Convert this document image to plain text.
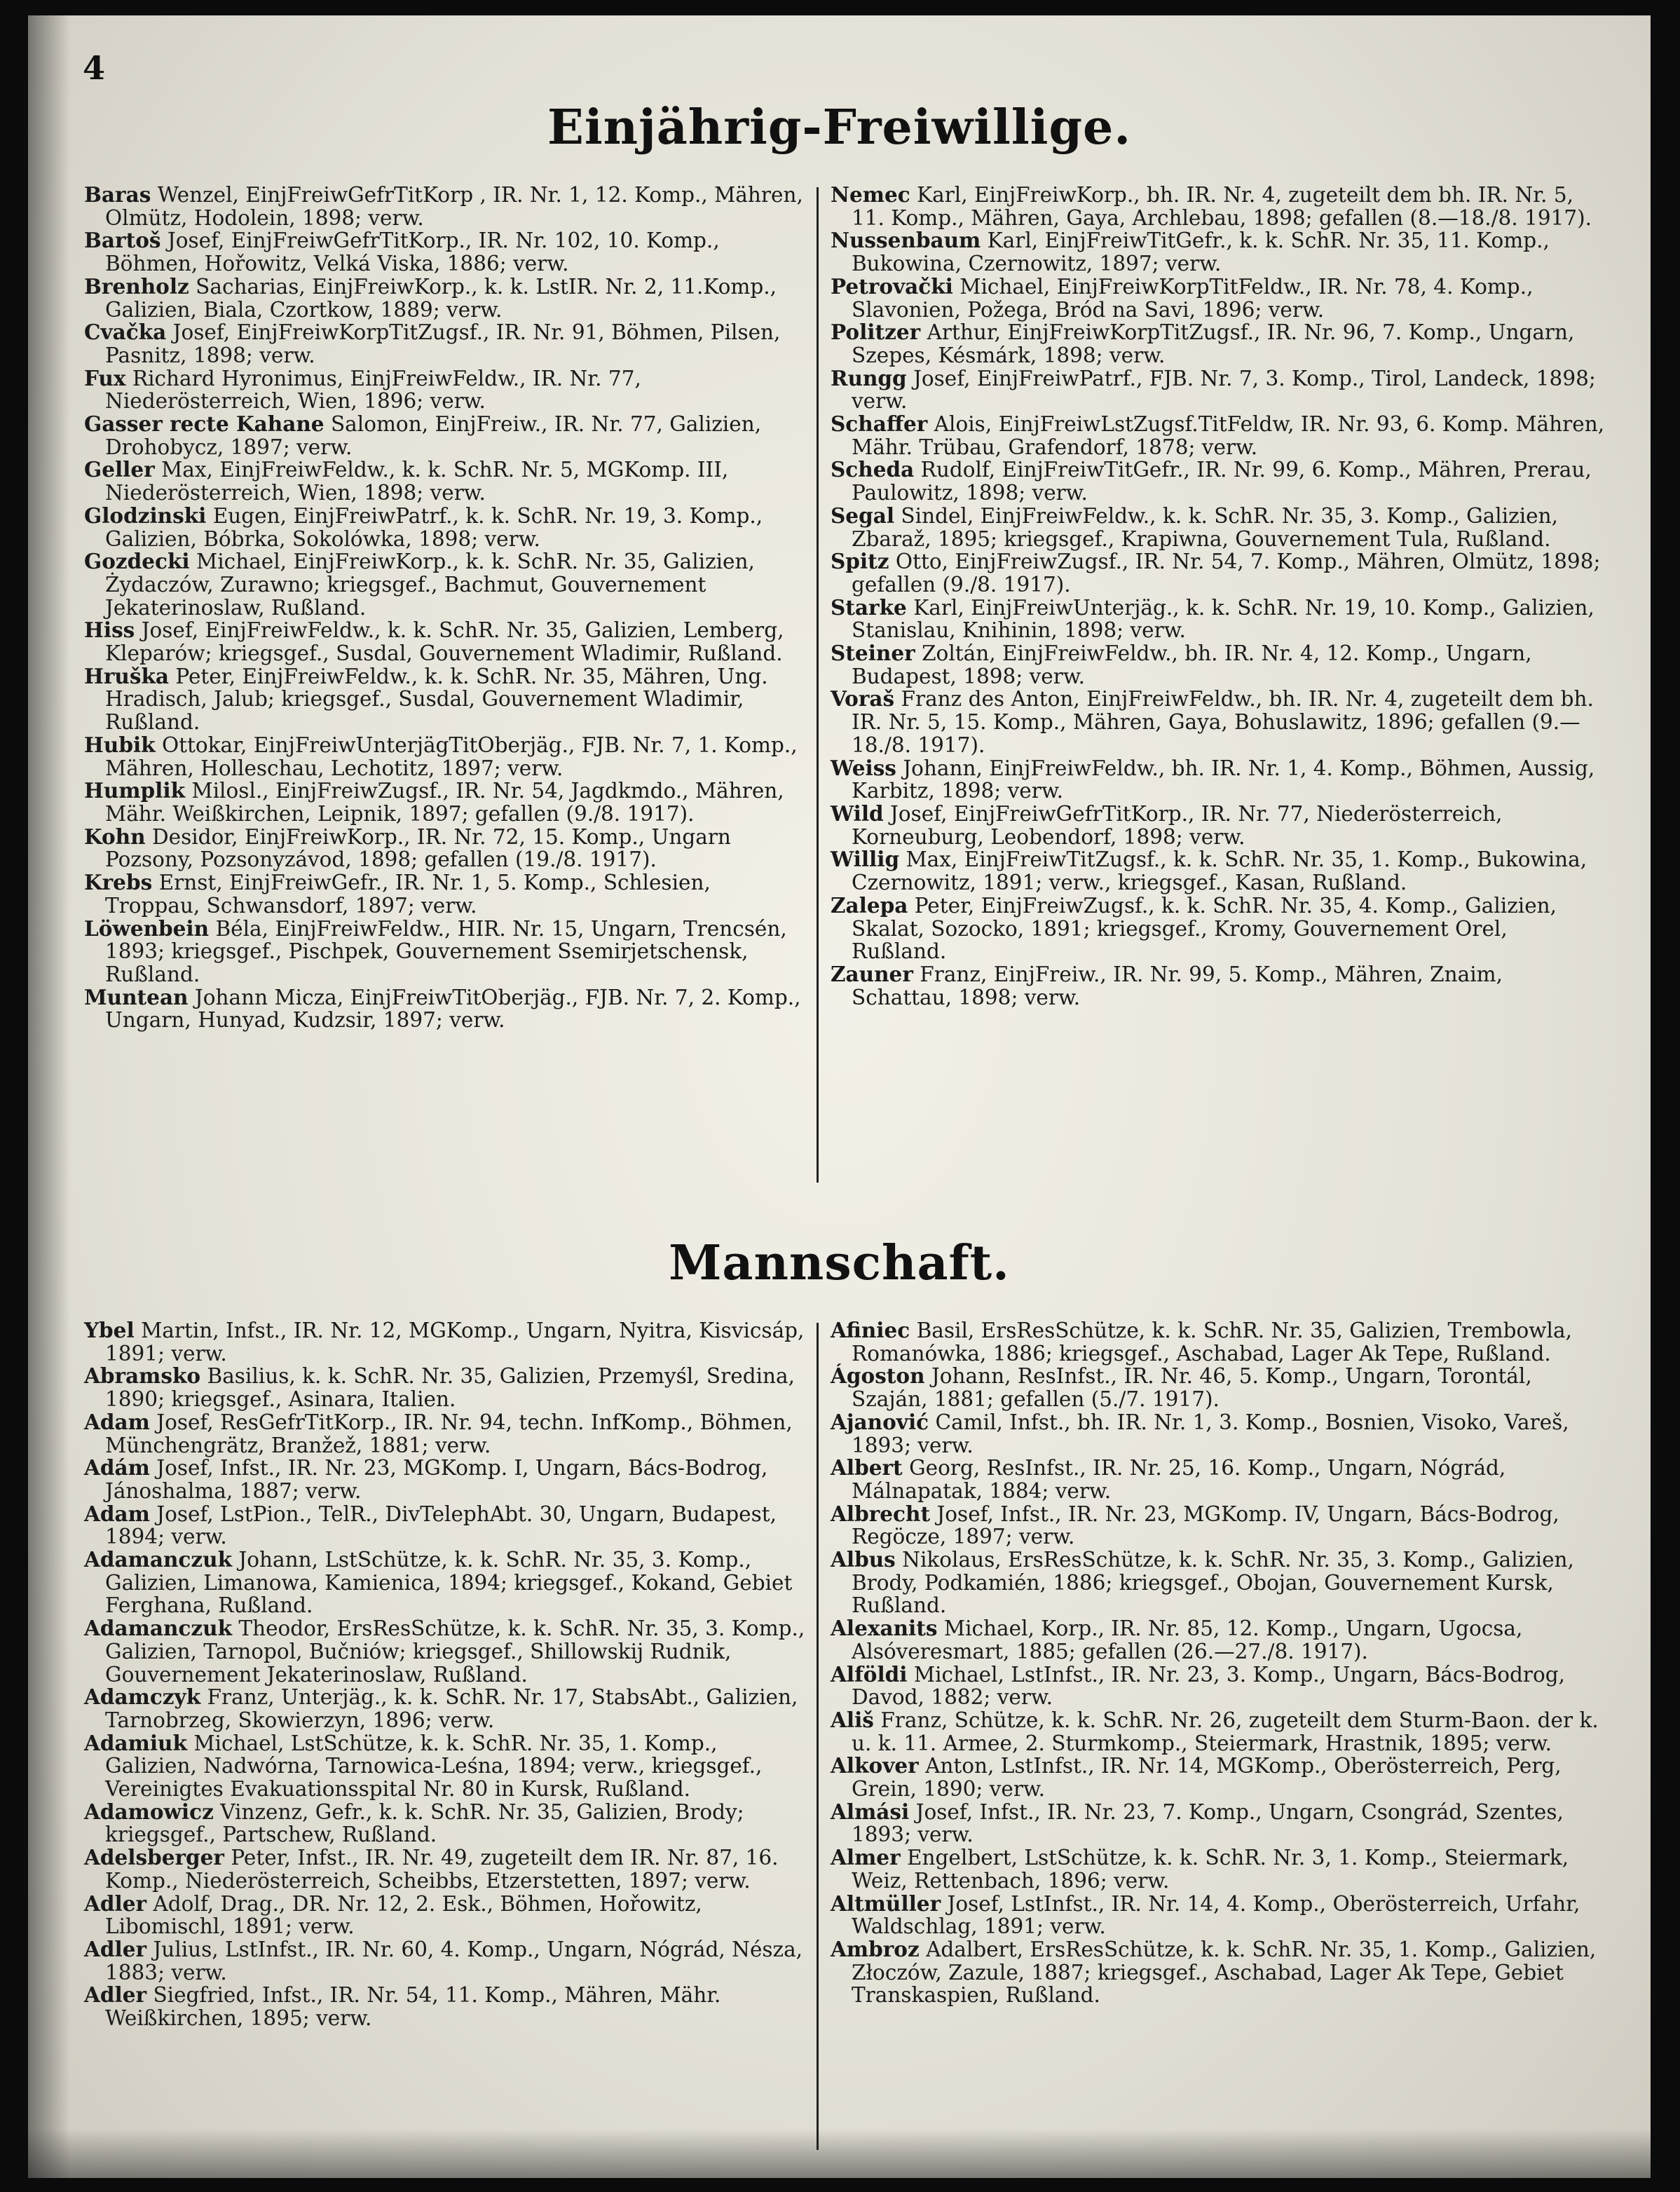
4
Einjährig-Freiwillige.

Baras Wenzel, EinjFreiwGefrTitKorp , IR. Nr. 1, 12. Komp., Mähren, Olmütz, Hodolein, 1898; verw.

Bartoš Josef, EinjFreiwGefrTitKorp., IR. Nr. 102, 10. Komp., Böhmen, Hořowitz, Velká Viska, 1886; verw.

Brenholz Sacharias, EinjFreiwKorp., k. k. LstIR. Nr. 2, 11.Komp., Galizien, Biala, Czortkow, 1889; verw.

Cvačka Josef, EinjFreiwKorpTitZugsf., IR. Nr. 91, Böhmen, Pilsen, Pasnitz, 1898; verw.

Fux Richard Hyronimus, EinjFreiwFeldw., IR. Nr. 77, Niederösterreich, Wien, 1896; verw.

Gasser recte Kahane Salomon, EinjFreiw., IR. Nr. 77, Galizien, Drohobycz, 1897; verw.

Geller Max, EinjFreiwFeldw., k. k. SchR. Nr. 5, MGKomp. III, Niederösterreich, Wien, 1898; verw.

Glodzinski Eugen, EinjFreiwPatrf., k. k. SchR. Nr. 19, 3. Komp., Galizien, Bóbrka, Sokolówka, 1898; verw.

Gozdecki Michael, EinjFreiwKorp., k. k. SchR. Nr. 35, Galizien, Żydaczów, Zurawno; kriegsgef., Bachmut, Gouvernement Jekaterinoslaw, Rußland.

Hiss Josef, EinjFreiwFeldw., k. k. SchR. Nr. 35, Galizien, Lemberg, Kleparów; kriegsgef., Susdal, Gouvernement Wladimir, Rußland.

Hruška Peter, EinjFreiwFeldw., k. k. SchR. Nr. 35, Mähren, Ung. Hradisch, Jalub; kriegsgef., Susdal, Gouvernement Wladimir, Rußland.

Hubik Ottokar, EinjFreiwUnterjägTitOberjäg., FJB. Nr. 7, 1. Komp., Mähren, Holleschau, Lechotitz, 1897; verw.

Humplik Milosl., EinjFreiwZugsf., IR. Nr. 54, Jagdkmdo., Mähren, Mähr. Weißkirchen, Leipnik, 1897; gefallen (9./8. 1917).

Kohn Desidor, EinjFreiwKorp., IR. Nr. 72, 15. Komp., Ungarn Pozsony, Pozsonyzávod, 1898; gefallen (19./8. 1917).

Krebs Ernst, EinjFreiwGefr., IR. Nr. 1, 5. Komp., Schlesien, Troppau, Schwansdorf, 1897; verw.

Löwenbein Béla, EinjFreiwFeldw., HIR. Nr. 15, Ungarn, Trencsén, 1893; kriegsgef., Pischpek, Gouvernement Ssemirjetschensk, Rußland.

Muntean Johann Micza, EinjFreiwTitOberjäg., FJB. Nr. 7, 2. Komp., Ungarn, Hunyad, Kudzsir, 1897; verw.

Nemec Karl, EinjFreiwKorp., bh. IR. Nr. 4, zugeteilt dem bh. IR. Nr. 5, 11. Komp., Mähren, Gaya, Archlebau, 1898; gefallen (8.—18./8. 1917).

Nussenbaum Karl, EinjFreiwTitGefr., k. k. SchR. Nr. 35, 11. Komp., Bukowina, Czernowitz, 1897; verw.

Petrovački Michael, EinjFreiwKorpTitFeldw., IR. Nr. 78, 4. Komp., Slavonien, Požega, Bród na Savi, 1896; verw.

Politzer Arthur, EinjFreiwKorpTitZugsf., IR. Nr. 96, 7. Komp., Ungarn, Szepes, Késmárk, 1898; verw.

Rungg Josef, EinjFreiwPatrf., FJB. Nr. 7, 3. Komp., Tirol, Landeck, 1898; verw.

Schaffer Alois, EinjFreiwLstZugsf.TitFeldw, IR. Nr. 93, 6. Komp. Mähren, Mähr. Trübau, Grafendorf, 1878; verw.

Scheda Rudolf, EinjFreiwTitGefr., IR. Nr. 99, 6. Komp., Mähren, Prerau, Paulowitz, 1898; verw.

Segal Sindel, EinjFreiwFeldw., k. k. SchR. Nr. 35, 3. Komp., Galizien, Zbaraž, 1895; kriegsgef., Krapiwna, Gouvernement Tula, Rußland.

Spitz Otto, EinjFreiwZugsf., IR. Nr. 54, 7. Komp., Mähren, Olmütz, 1898; gefallen (9./8. 1917).

Starke Karl, EinjFreiwUnterjäg., k. k. SchR. Nr. 19, 10. Komp., Galizien, Stanislau, Knihinin, 1898; verw.

Steiner Zoltán, EinjFreiwFeldw., bh. IR. Nr. 4, 12. Komp., Ungarn, Budapest, 1898; verw.

Voraš Franz des Anton, EinjFreiwFeldw., bh. IR. Nr. 4, zugeteilt dem bh. IR. Nr. 5, 15. Komp., Mähren, Gaya, Bohuslawitz, 1896; gefallen (9.—18./8. 1917).

Weiss Johann, EinjFreiwFeldw., bh. IR. Nr. 1, 4. Komp., Böhmen, Aussig, Karbitz, 1898; verw.

Wild Josef, EinjFreiwGefrTitKorp., IR. Nr. 77, Niederösterreich, Korneuburg, Leobendorf, 1898; verw.

Willig Max, EinjFreiwTitZugsf., k. k. SchR. Nr. 35, 1. Komp., Bukowina, Czernowitz, 1891; verw., kriegsgef., Kasan, Rußland.

Zalepa Peter, EinjFreiwZugsf., k. k. SchR. Nr. 35, 4. Komp., Galizien, Skalat, Sozocko, 1891; kriegsgef., Kromy, Gouvernement Orel, Rußland.

Zauner Franz, EinjFreiw., IR. Nr. 99, 5. Komp., Mähren, Znaim, Schattau, 1898; verw.

Mannschaft.

Ybel Martin, Infst., IR. Nr. 12, MGKomp., Ungarn, Nyitra, Kisvicsáp, 1891; verw.

Abramsko Basilius, k. k. SchR. Nr. 35, Galizien, Przemyśl, Sredina, 1890; kriegsgef., Asinara, Italien.

Adam Josef, ResGefrTitKorp., IR. Nr. 94, techn. InfKomp., Böhmen, Münchengrätz, Branžež, 1881; verw.

Adám Josef, Infst., IR. Nr. 23, MGKomp. I, Ungarn, Bács-Bodrog, Jánoshalma, 1887; verw.

Adam Josef, LstPion., TelR., DivTelephAbt. 30, Ungarn, Budapest, 1894; verw.

Adamanczuk Johann, LstSchütze, k. k. SchR. Nr. 35, 3. Komp., Galizien, Limanowa, Kamienica, 1894; kriegsgef., Kokand, Gebiet Ferghana, Rußland.

Adamanczuk Theodor, ErsResSchütze, k. k. SchR. Nr. 35, 3. Komp., Galizien, Tarnopol, Bučniów; kriegsgef., Shillowskij Rudnik, Gouvernement Jekaterinoslaw, Rußland.

Adamczyk Franz, Unterjäg., k. k. SchR. Nr. 17, StabsAbt., Galizien, Tarnobrzeg, Skowierzyn, 1896; verw.

Adamiuk Michael, LstSchütze, k. k. SchR. Nr. 35, 1. Komp., Galizien, Nadwórna, Tarnowica-Leśna, 1894; verw., kriegsgef., Vereinigtes Evakuationsspital Nr. 80 in Kursk, Rußland.

Adamowicz Vinzenz, Gefr., k. k. SchR. Nr. 35, Galizien, Brody; kriegsgef., Partschew, Rußland.

Adelsberger Peter, Infst., IR. Nr. 49, zugeteilt dem IR. Nr. 87, 16. Komp., Niederösterreich, Scheibbs, Etzerstetten, 1897; verw.

Adler Adolf, Drag., DR. Nr. 12, 2. Esk., Böhmen, Hořowitz, Libomischl, 1891; verw.

Adler Julius, LstInfst., IR. Nr. 60, 4. Komp., Ungarn, Nógrád, Nésza, 1883; verw.

Adler Siegfried, Infst., IR. Nr. 54, 11. Komp., Mähren, Mähr. Weißkirchen, 1895; verw.

Afiniec Basil, ErsResSchütze, k. k. SchR. Nr. 35, Galizien, Trembowla, Romanówka, 1886; kriegsgef., Aschabad, Lager Ak Tepe, Rußland.

Ágoston Johann, ResInfst., IR. Nr. 46, 5. Komp., Ungarn, Torontál, Szaján, 1881; gefallen (5./7. 1917).

Ajanović Camil, Infst., bh. IR. Nr. 1, 3. Komp., Bosnien, Visoko, Vareš, 1893; verw.

Albert Georg, ResInfst., IR. Nr. 25, 16. Komp., Ungarn, Nógrád, Málnapatak, 1884; verw.

Albrecht Josef, Infst., IR. Nr. 23, MGKomp. IV, Ungarn, Bács-Bodrog, Regöcze, 1897; verw.

Albus Nikolaus, ErsResSchütze, k. k. SchR. Nr. 35, 3. Komp., Galizien, Brody, Podkamién, 1886; kriegsgef., Obojan, Gouvernement Kursk, Rußland.

Alexanits Michael, Korp., IR. Nr. 85, 12. Komp., Ungarn, Ugocsa, Alsóveresmart, 1885; gefallen (26.—27./8. 1917).

Alföldi Michael, LstInfst., IR. Nr. 23, 3. Komp., Ungarn, Bács-Bodrog, Davod, 1882; verw.

Ališ Franz, Schütze, k. k. SchR. Nr. 26, zugeteilt dem Sturm-Baon. der k. u. k. 11. Armee, 2. Sturmkomp., Steiermark, Hrastnik, 1895; verw.

Alkover Anton, LstInfst., IR. Nr. 14, MGKomp., Oberösterreich, Perg, Grein, 1890; verw.

Almási Josef, Infst., IR. Nr. 23, 7. Komp., Ungarn, Csongrád, Szentes, 1893; verw.

Almer Engelbert, LstSchütze, k. k. SchR. Nr. 3, 1. Komp., Steiermark, Weiz, Rettenbach, 1896; verw.

Altmüller Josef, LstInfst., IR. Nr. 14, 4. Komp., Oberösterreich, Urfahr, Waldschlag, 1891; verw.

Ambroz Adalbert, ErsResSchütze, k. k. SchR. Nr. 35, 1. Komp., Galizien, Złoczów, Zazule, 1887; kriegsgef., Aschabad, Lager Ak Tepe, Gebiet Transkaspien, Rußland.
